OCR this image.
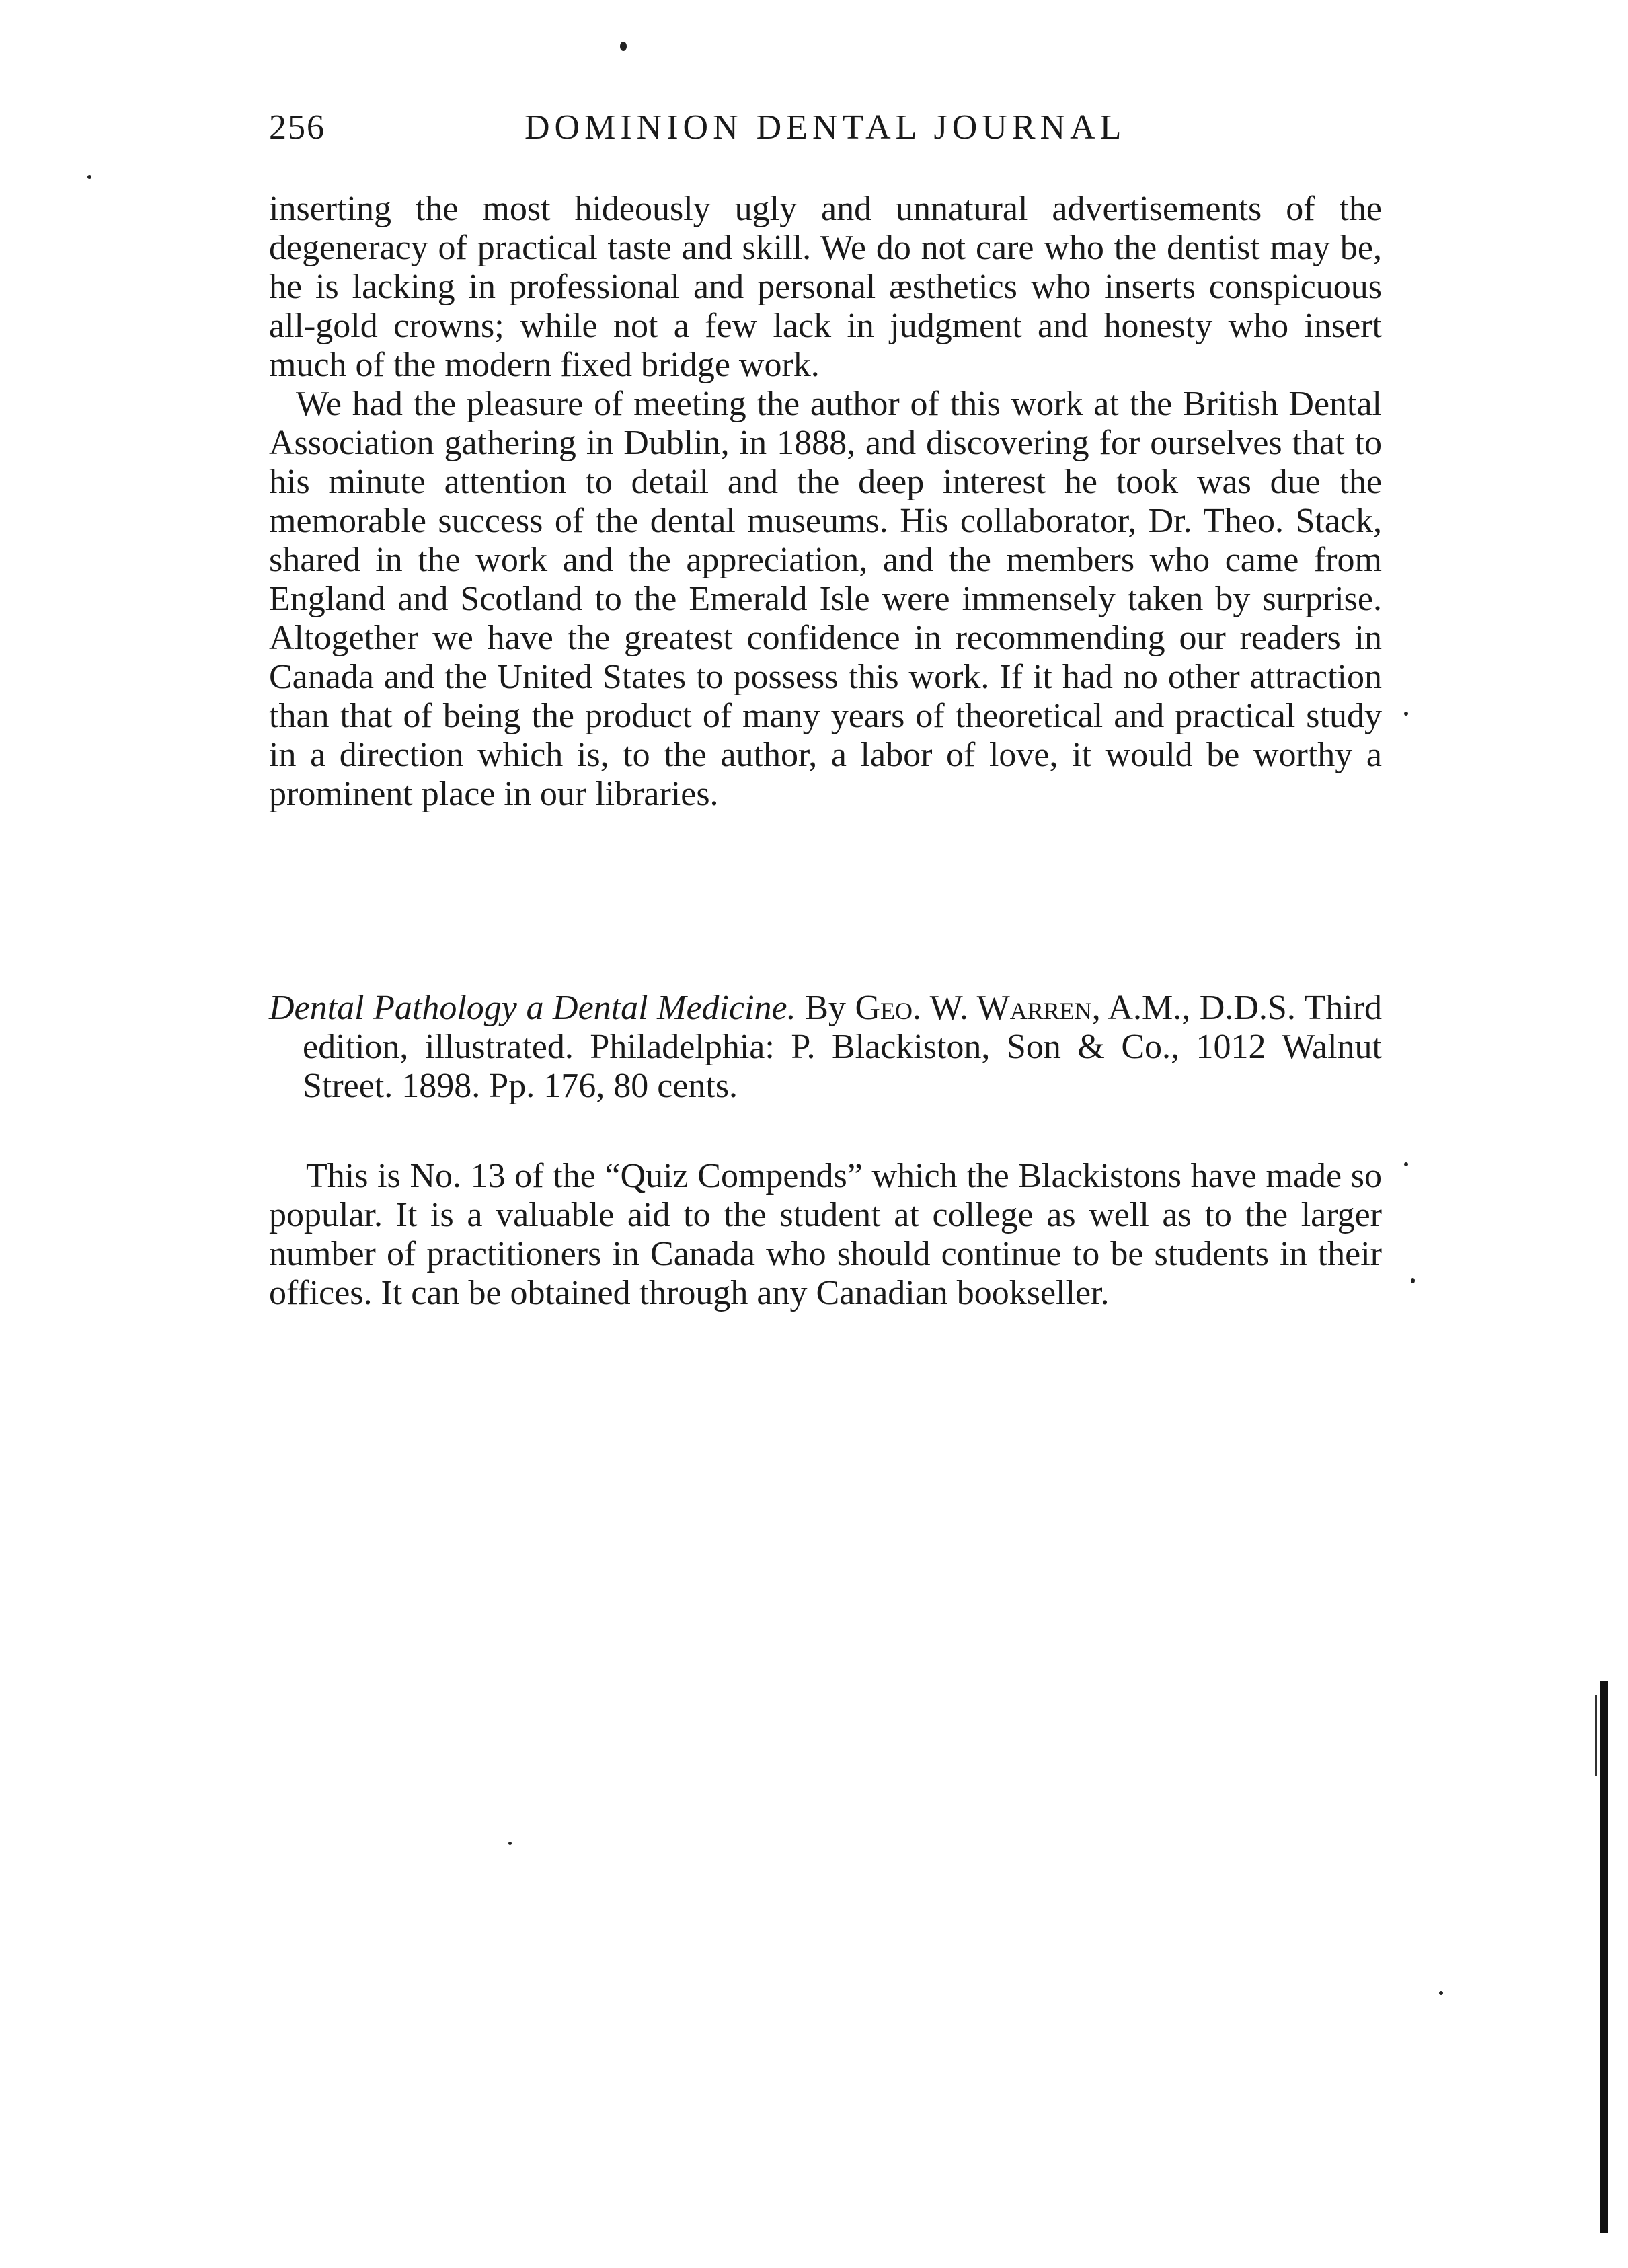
256	DOMINION DENTAL JOURNAL

inserting the most hideously ugly and unnatural advertisements of the degeneracy of practical taste and skill. We do not care who the dentist may be, he is lacking in professional and personal æsthetics who inserts conspicuous all-gold crowns; while not a few lack in judgment and honesty who insert much of the modern fixed bridge work.

We had the pleasure of meeting the author of this work at the British Dental Association gathering in Dublin, in 1888, and discovering for ourselves that to his minute attention to detail and the deep interest he took was due the memorable success of the dental museums. His collaborator, Dr. Theo. Stack, shared in the work and the appreciation, and the members who came from England and Scotland to the Emerald Isle were immensely taken by surprise. Altogether we have the greatest confidence in recommending our readers in Canada and the United States to possess this work. If it had no other attraction than that of being the product of many years of theoretical and practical study in a direction which is, to the author, a labor of love, it would be worthy a prominent place in our libraries.

Dental Pathology a Dental Medicine. By Geo. W. Warren, A.M., D.D.S. Third edition, illustrated. Philadelphia: P. Blackiston, Son & Co., 1012 Walnut Street. 1898. Pp. 176, 80 cents.

This is No. 13 of the “Quiz Compends” which the Blackistons have made so popular. It is a valuable aid to the student at college as well as to the larger number of practitioners in Canada who should continue to be students in their offices. It can be obtained through any Canadian bookseller.
